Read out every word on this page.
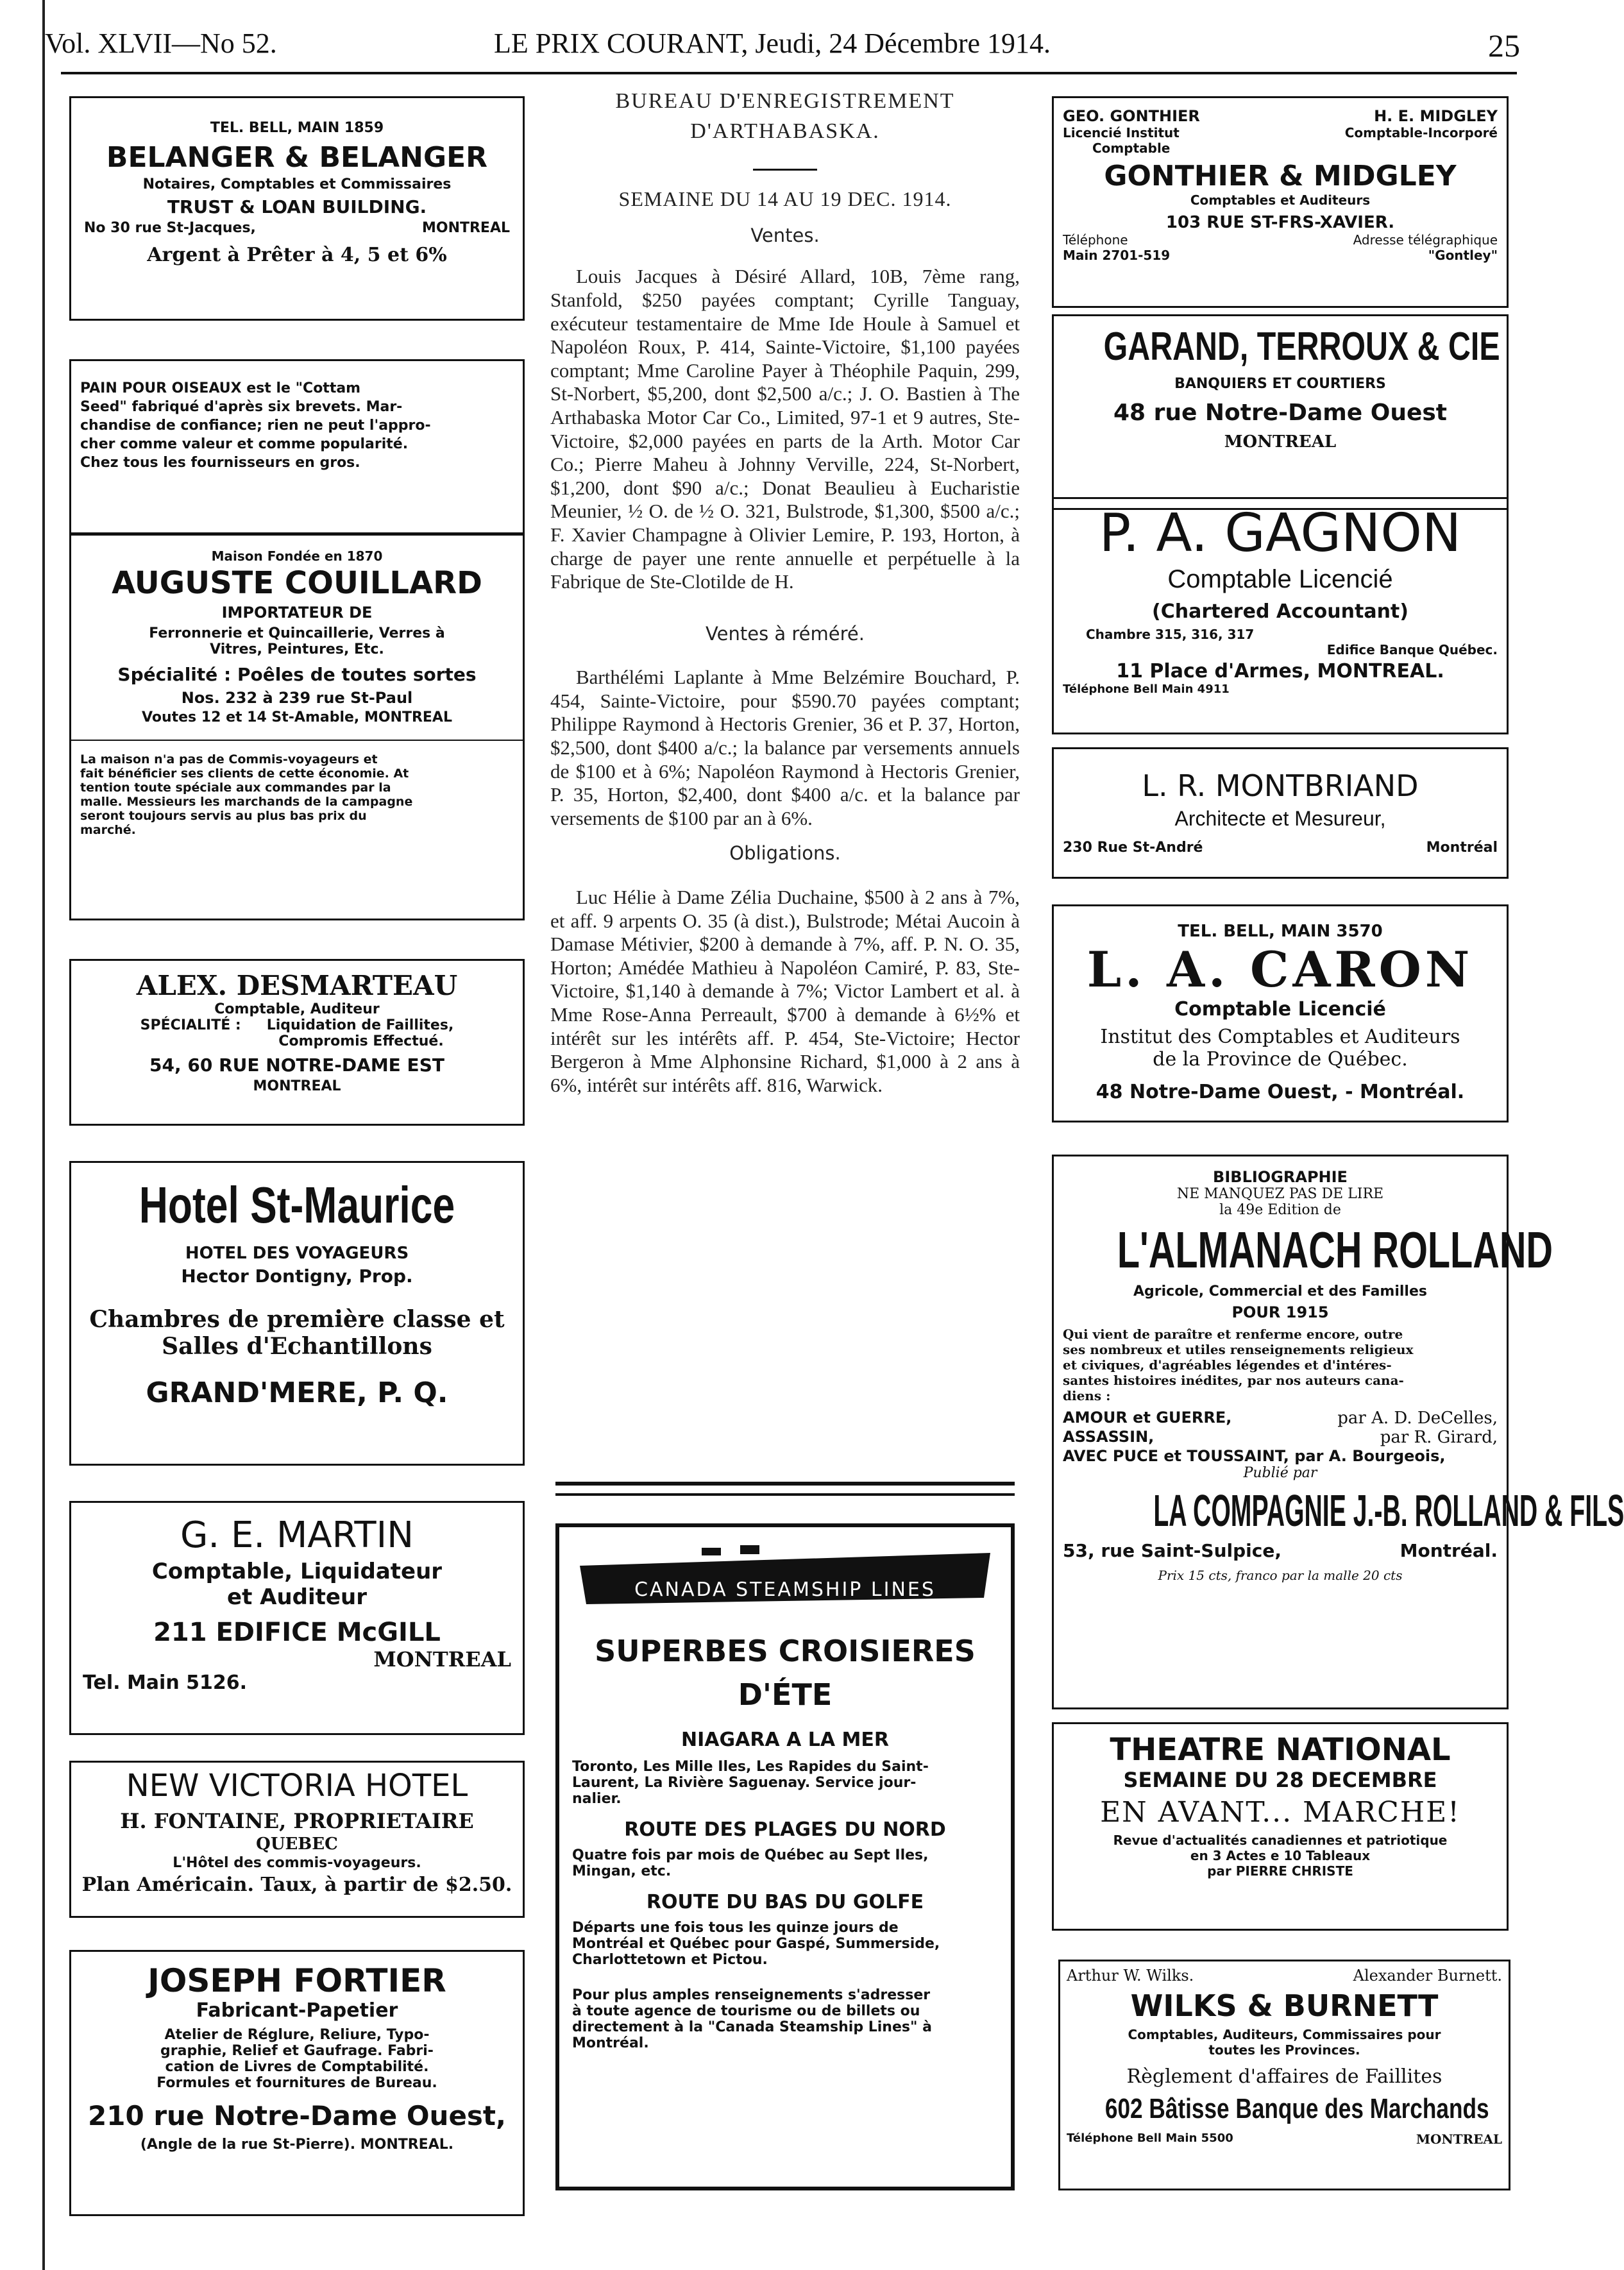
Vol. XLVII—No 52.	LE PRIX COURANT, Jeudi, 24 Décembre 1914.	25
TEL. BELL, MAIN 1859
BELANGER & BELANGER
Notaires, Comptables et Commissaires
TRUST & LOAN BUILDING.
No 30 rue St-Jacques,	MONTREAL
Argent à Prêter à 4, 5 et 6%
PAIN POUR OISEAUX est le "Cottam
Seed" fabriqué d'après six brevets. Mar-
chandise de confiance; rien ne peut l'appro-
cher comme valeur et comme popularité.
Chez tous les fournisseurs en gros.
Maison Fondée en 1870
AUGUSTE COUILLARD
IMPORTATEUR DE
Ferronnerie et Quincaillerie, Verres à
Vitres, Peintures, Etc.
Spécialité : Poêles de toutes sortes
Nos. 232 à 239 rue St-Paul
Voutes 12 et 14 St-Amable, MONTREAL
La maison n'a pas de Commis-voyageurs et
fait bénéficier ses clients de cette économie. At
tention toute spéciale aux commandes par la
malle. Messieurs les marchands de la campagne
seront toujours servis au plus bas prix du
marché.
ALEX. DESMARTEAU
Comptable, Auditeur
SPÉCIALITÉ : Liquidation de Faillites,
Compromis Effectué.
54, 60 RUE NOTRE-DAME EST
MONTREAL
Hotel St-Maurice
HOTEL DES VOYAGEURS
Hector Dontigny, Prop.
Chambres de première classe et
Salles d'Echantillons
GRAND'MERE, P. Q.
G. E. MARTIN
Comptable, Liquidateur
et Auditeur
211 EDIFICE McGILL
MONTREAL
Tel. Main 5126.
NEW VICTORIA HOTEL
H. FONTAINE, PROPRIETAIRE
QUEBEC
L'Hôtel des commis-voyageurs.
Plan Américain. Taux, à partir de $2.50.
JOSEPH FORTIER
Fabricant-Papetier
Atelier de Réglure, Reliure, Typo-
graphie, Relief et Gaufrage. Fabri-
cation de Livres de Comptabilité.
Formules et fournitures de Bureau.
210 rue Notre-Dame Ouest,
(Angle de la rue St-Pierre). MONTREAL.
BUREAU D'ENREGISTREMENT
D'ARTHABASKA.
SEMAINE DU 14 AU 19 DEC. 1914.
Ventes.

Louis Jacques à Désiré Allard, 10B, 7ème rang, Stanfold, $250 payées comptant; Cyrille Tanguay, exécuteur testamentaire de Mme Ide Houle à Samuel et Napoléon Roux, P. 414, Sainte-Victoire, $1,100 payées comptant; Mme Caroline Payer à Théophile Paquin, 299, St-Norbert, $5,200, dont $2,500 a/c.; J. O. Bastien à The Arthabaska Motor Car Co., Limited, 97-1 et 9 autres, Ste-Victoire, $2,000 payées en parts de la Arth. Motor Car Co.; Pierre Maheu à Johnny Verville, 224, St-Norbert, $1,200, dont $90 a/c.; Donat Beaulieu à Eucharistie Meunier, ½ O. de ½ O. 321, Bulstrode, $1,300, $500 a/c.; F. Xavier Champagne à Olivier Lemire, P. 193, Horton, à charge de payer une rente annuelle et perpétuelle à la Fabrique de Ste-Clotilde de H.

Ventes à réméré.

Barthélémi Laplante à Mme Belzémire Bouchard, P. 454, Sainte-Victoire, pour $590.70 payées comptant; Philippe Raymond à Hectoris Grenier, 36 et P. 37, Horton, $2,500, dont $400 a/c.; la balance par versements annuels de $100 et à 6%; Napoléon Raymond à Hectoris Grenier, P. 35, Horton, $2,400, dont $400 a/c. et la balance par versements de $100 par an à 6%.

Obligations.

Luc Hélie à Dame Zélia Duchaine, $500 à 2 ans à 7%, et aff. 9 arpents O. 35 (à dist.), Bulstrode; Métai Aucoin à Damase Métivier, $200 à demande à 7%, aff. P. N. O. 35, Horton; Amédée Mathieu à Napoléon Camiré, P. 83, Ste-Victoire, $1,140 à demande à 7%; Victor Lambert et al. à Mme Rose-Anna Perreault, $700 à demande à 6½% et intérêt sur les intérêts aff. P. 454, Ste-Victoire; Hector Bergeron à Mme Alphonsine Richard, $1,000 à 2 ans à 6%, intérêt sur intérêts aff. 816, Warwick.

CANADA STEAMSHIP LINES
SUPERBES CROISIERES
D'ÉTE
NIAGARA A LA MER
Toronto, Les Mille Iles, Les Rapides du Saint-
Laurent, La Rivière Saguenay. Service jour-
nalier.
ROUTE DES PLAGES DU NORD
Quatre fois par mois de Québec au Sept Iles,
Mingan, etc.
ROUTE DU BAS DU GOLFE
Départs une fois tous les quinze jours de
Montréal et Québec pour Gaspé, Summerside,
Charlottetown et Pictou.
Pour plus amples renseignements s'adresser
à toute agence de tourisme ou de billets ou
directement à la "Canada Steamship Lines" à
Montréal.
GEO. GONTHIER	H. E. MIDGLEY
Licencié Institut	Comptable-Incorporé
Comptable
GONTHIER & MIDGLEY
Comptables et Auditeurs
103 RUE ST-FRS-XAVIER.
Téléphone	Adresse télégraphique
Main 2701-519	"Gontley"
GARAND, TERROUX & CIE
BANQUIERS ET COURTIERS
48 rue Notre-Dame Ouest
MONTREAL
P. A. GAGNON
Comptable Licencié
(Chartered Accountant)
Chambre 315, 316, 317
Edifice Banque Québec.
11 Place d'Armes, MONTREAL.
Téléphone Bell Main 4911
L. R. MONTBRIAND
Architecte et Mesureur,
230 Rue St-André	Montréal
TEL. BELL, MAIN 3570
L. A. CARON
Comptable Licencié
Institut des Comptables et Auditeurs
de la Province de Québec.
48 Notre-Dame Ouest, - Montréal.
BIBLIOGRAPHIE
NE MANQUEZ PAS DE LIRE
la 49e Edition de
L'ALMANACH ROLLAND
Agricole, Commercial et des Familles
POUR 1915
Qui vient de paraître et renferme encore, outre
ses nombreux et utiles renseignements religieux
et civiques, d'agréables légendes et d'intéres-
santes histoires inédites, par nos auteurs cana-
diens :
AMOUR et GUERRE,	par A. D. DeCelles,
ASSASSIN,	par R. Girard,
AVEC PUCE et TOUSSAINT, par A. Bourgeois,
Publié par
LA COMPAGNIE J.-B. ROLLAND & FILS
53, rue Saint-Sulpice,	Montréal.
Prix 15 cts, franco par la malle 20 cts
THEATRE NATIONAL
SEMAINE DU 28 DECEMBRE
EN AVANT... MARCHE!
Revue d'actualités canadiennes et patriotique
en 3 Actes e 10 Tableaux
par PIERRE CHRISTE
Arthur W. Wilks.	Alexander Burnett.
WILKS & BURNETT
Comptables, Auditeurs, Commissaires pour
toutes les Provinces.
Règlement d'affaires de Faillites
602 Bâtisse Banque des Marchands
Téléphone Bell Main 5500	MONTREAL
